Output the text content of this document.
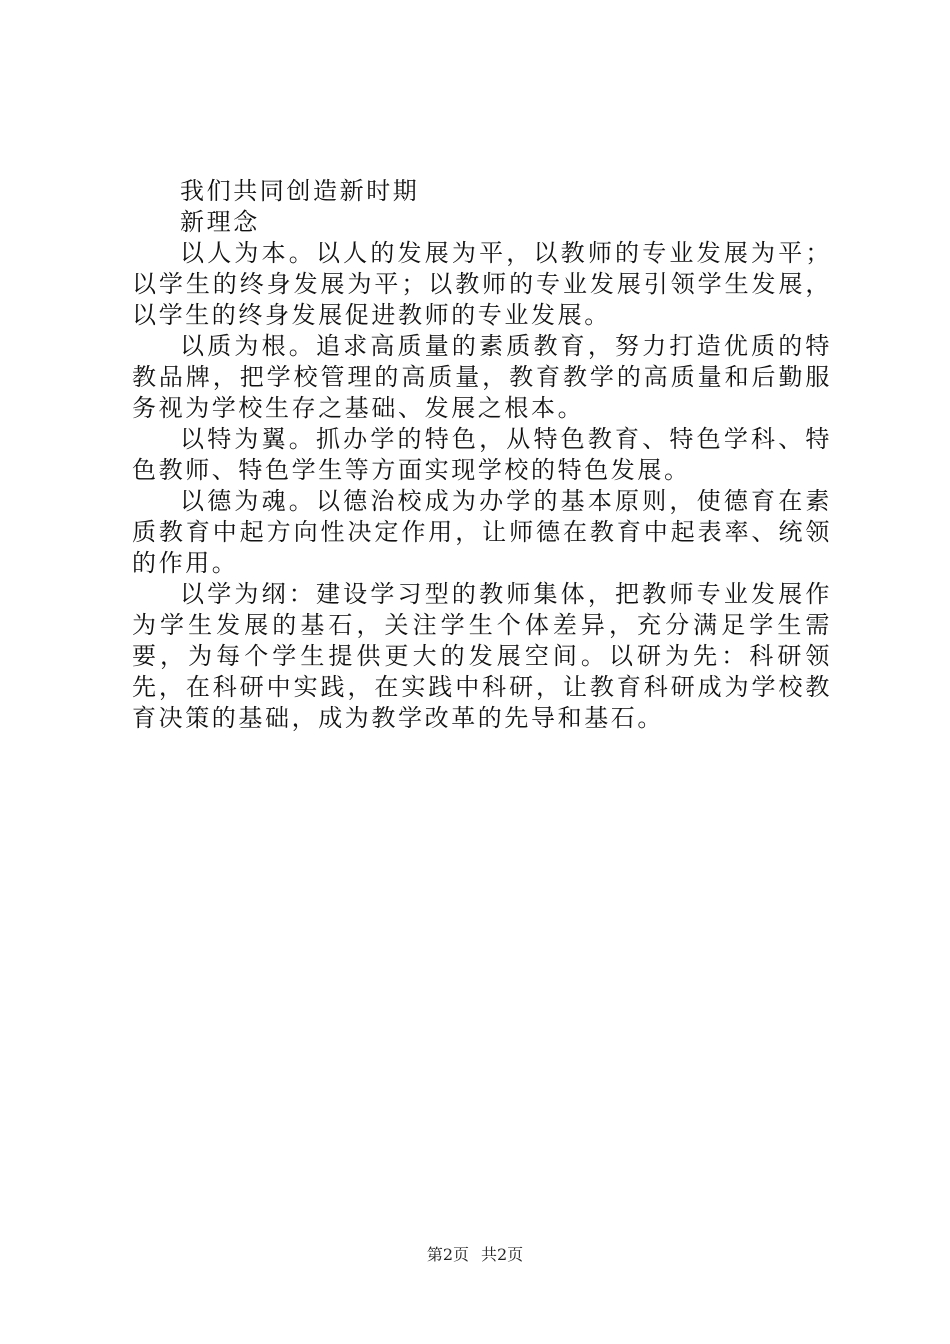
我们共同创造新时期

新理念

以人为本。以人的发展为平，以教师的专业发展为平；以学生的终身发展为平；以教师的专业发展引领学生发展，以学生的终身发展促进教师的专业发展。

以质为根。追求高质量的素质教育，努力打造优质的特教品牌，把学校管理的高质量，教育教学的高质量和后勤服务视为学校生存之基础、发展之根本。

以特为翼。抓办学的特色，从特色教育、特色学科、特色教师、特色学生等方面实现学校的特色发展。

以德为魂。以德治校成为办学的基本原则，使德育在素质教育中起方向性决定作用，让师德在教育中起表率、统领的作用。

以学为纲：建设学习型的教师集体，把教师专业发展作为学生发展的基石，关注学生个体差异，充分满足学生需要，为每个学生提供更大的发展空间。以研为先：科研领先，在科研中实践，在实践中科研，让教育科研成为学校教育决策的基础，成为教学改革的先导和基石。

第2页 共2页
